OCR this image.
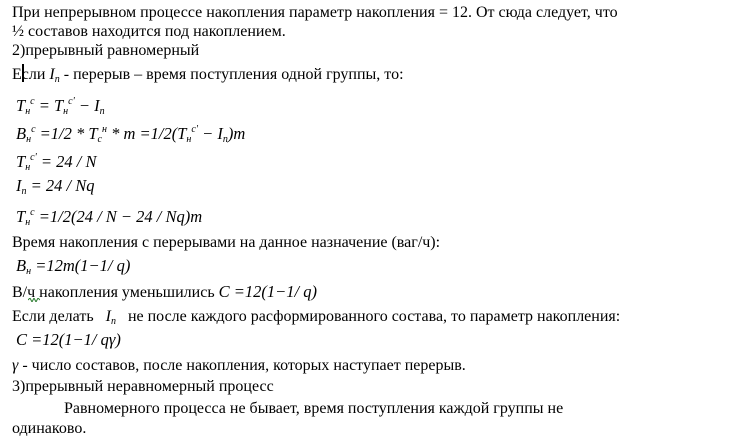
При непрерывном процессе накопления параметр накопления = 12. От сюда следует, что
½ составов находится под накоплением.
2)прерывный равномерный
Если Iп - перерыв – время поступления одной группы, то:
$Tн^с = Tн^{с'}$ − Iп
$Bн^с =1/2 * Tс^н * m =1/2(Tн^{с'} - Iп)m$
$Tн^{с'} = 24 / N$
Iп = 24 / Nq
$Tн^с =1/2(24 / N - 24 / Nq)m$
Время накопления с перерывами на данное назначение (ваг/ч):
Bн =12m(1−1/ q)
В/ч накопления уменьшились C =12(1−1/ q)
Если делать Iп не после каждого расформированного состава, то параметр накопления:
C =12(1−1/ qγ)
γ - число составов, после накопления, которых наступает перерыв.
3)прерывный неравномерный процесс
Равномерного процесса не бывает, время поступления каждой группы не
одинаково.
